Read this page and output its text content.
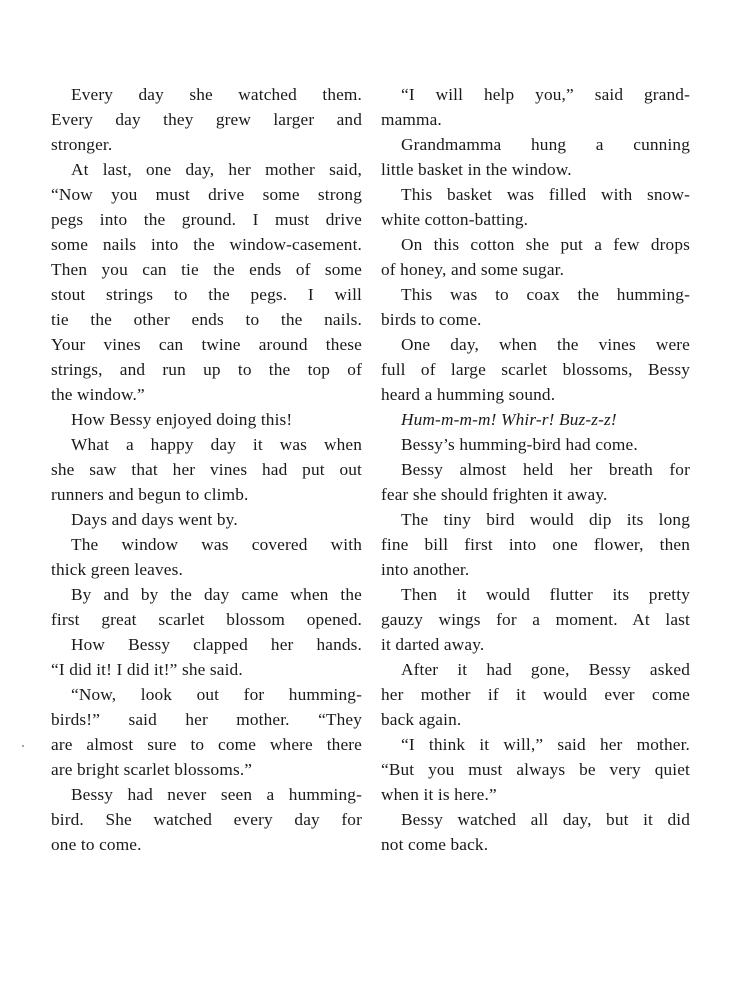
Every day she watched them.
Every day they grew larger and
stronger.
At last, one day, her mother said,
“Now you must drive some strong
pegs into the ground. I must drive
some nails into the window-casement.
Then you can tie the ends of some
stout strings to the pegs. I will
tie the other ends to the nails.
Your vines can twine around these
strings, and run up to the top of
the window.”
How Bessy enjoyed doing this!
What a happy day it was when
she saw that her vines had put out
runners and begun to climb.
Days and days went by.
The window was covered with
thick green leaves.
By and by the day came when the
first great scarlet blossom opened.
How Bessy clapped her hands.
“I did it! I did it!” she said.
“Now, look out for humming-
birds!” said her mother. “They
are almost sure to come where there
are bright scarlet blossoms.”
Bessy had never seen a humming-
bird. She watched every day for
one to come.
“I will help you,” said grand-
mamma.
Grandmamma hung a cunning
little basket in the window.
This basket was filled with snow-
white cotton-batting.
On this cotton she put a few drops
of honey, and some sugar.
This was to coax the humming-
birds to come.
One day, when the vines were
full of large scarlet blossoms, Bessy
heard a humming sound.
Hum-m-m-m! Whir-r! Buz-z-z!
Bessy’s humming-bird had come.
Bessy almost held her breath for
fear she should frighten it away.
The tiny bird would dip its long
fine bill first into one flower, then
into another.
Then it would flutter its pretty
gauzy wings for a moment. At last
it darted away.
After it had gone, Bessy asked
her mother if it would ever come
back again.
“I think it will,” said her mother.
“But you must always be very quiet
when it is here.”
Bessy watched all day, but it did
not come back.
